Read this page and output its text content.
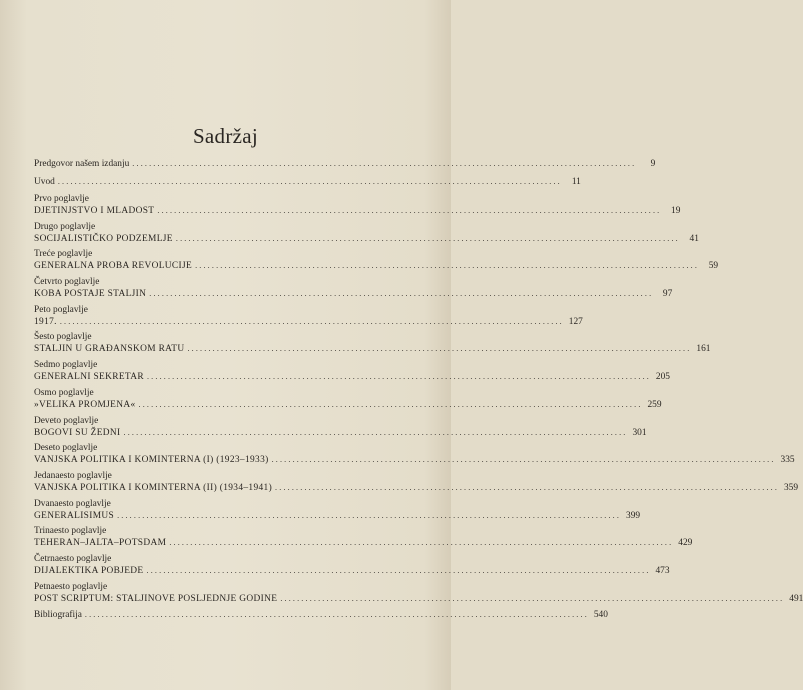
Sadržaj
Predgovor našem izdanju ........................................................................................................................	9
Uvod ........................................................................................................................	11
Prvo poglavlje
DJETINJSTVO I MLADOST ........................................................................................................................	19
Drugo poglavlje
SOCIJALISTIČKO PODZEMLJE ........................................................................................................................	41
Treće poglavlje
GENERALNA PROBA REVOLUCIJE ........................................................................................................................	59
Četvrto poglavlje
KOBA POSTAJE STALJIN ........................................................................................................................	97
Peto poglavlje
1917. ........................................................................................................................ 127
Šesto poglavlje
STALJIN U GRAĐANSKOM RATU ........................................................................................................................ 161
Sedmo poglavlje
GENERALNI SEKRETAR ........................................................................................................................ 205
Osmo poglavlje
»VELIKA PROMJENA« ........................................................................................................................ 259
Deveto poglavlje
BOGOVI SU ŽEDNI ........................................................................................................................ 301
Deseto poglavlje
VANJSKA POLITIKA I KOMINTERNA (I) (1923–1933) ........................................................................................................................ 335
Jedanaesto poglavlje
VANJSKA POLITIKA I KOMINTERNA (II) (1934–1941) ........................................................................................................................ 359
Dvanaesto poglavlje
GENERALISIMUS ........................................................................................................................ 399
Trinaesto poglavlje
TEHERAN–JALTA–POTSDAM ........................................................................................................................ 429
Četrnaesto poglavlje
DIJALEKTIKA POBJEDE ........................................................................................................................ 473
Petnaesto poglavlje
POST SCRIPTUM: STALJINOVE POSLJEDNJE GODINE ........................................................................................................................ 491
Bibliografija ........................................................................................................................ 540
